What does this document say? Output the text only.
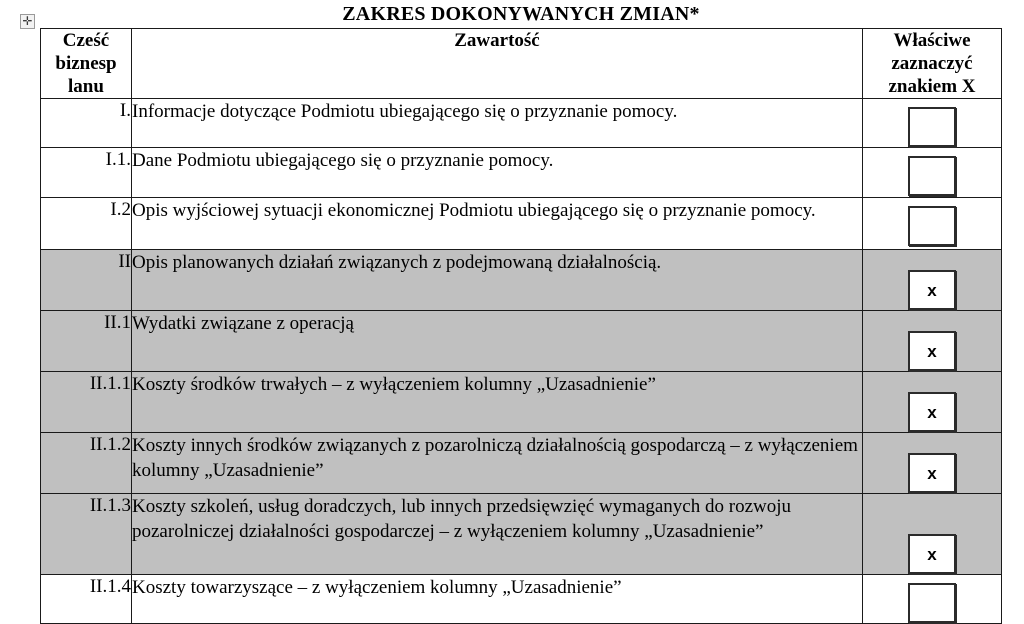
✛	ZAKRES DOKONYWANYCH ZMIAN*
Cześć
biznesp
lanu	Zawartość	Właściwe
zaznaczyć
znakiem X
I.	Informacje dotyczące Podmiotu ubiegającego się o przyznanie pomocy.	

I.1.	Dane Podmiotu ubiegającego się o przyznanie pomocy.	

I.2	Opis wyjściowej sytuacji ekonomicznej Podmiotu ubiegającego się o przyznanie pomocy.	

II	Opis planowanych działań związanych z podejmowaną działalnością.	x

II.1	Wydatki związane z operacją	x

II.1.1	Koszty środków trwałych – z wyłączeniem kolumny „Uzasadnienie”	x

II.1.2	Koszty innych środków związanych z pozarolniczą działalnością gospodarczą – z wyłączeniem kolumny „Uzasadnienie”	x

II.1.3	Koszty szkoleń, usług doradczych, lub innych przedsięwzięć wymaganych do rozwoju pozarolniczej działalności gospodarczej – z wyłączeniem kolumny „Uzasadnienie”	x

II.1.4	Koszty towarzyszące – z wyłączeniem kolumny „Uzasadnienie”	
